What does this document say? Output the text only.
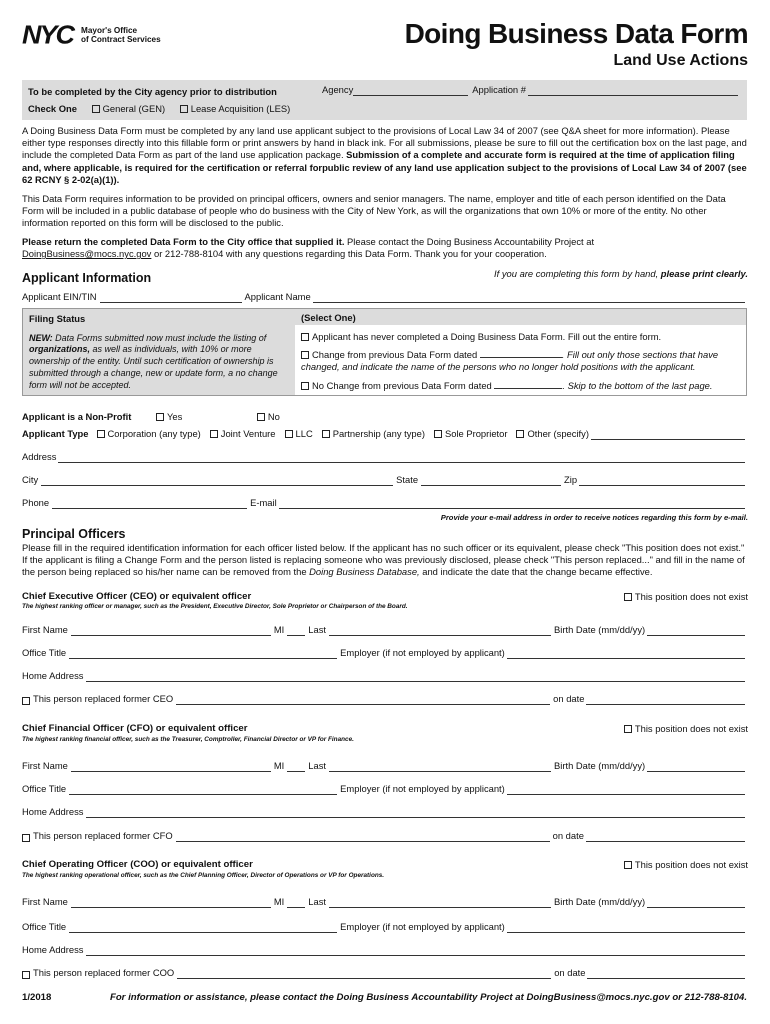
NYC Mayor's Office
of Contract Services	Doing Business Data Form
Land Use Actions
To be completed by the City agency prior to distribution	Agency	Application #
Check One	General (GEN)	Lease Acquisition (LES)
A Doing Business Data Form must be completed by any land use applicant subject to the provisions of Local Law 34 of 2007 (see Q&A sheet for more information). Please either type responses directly into this fillable form or print answers by hand in black ink. For all submissions, please be sure to fill out the certification box on the last page, and include the completed Data Form as part of the land use application package. Submission of a complete and accurate form is required at the time of application filing and, where applicable, is required for the certification or referral forpublic review of any land use application subject to the provisions of Local Law 34 of 2007 (see 62 RCNY § 2-02(a)(1)).
This Data Form requires information to be provided on principal officers, owners and senior managers. The name, employer and title of each person identified on the Data Form will be included in a public database of people who do business with the City of New York, as will the organizations that own 10% or more of the entity. No other information reported on this form will be disclosed to the public.
Please return the completed Data Form to the City office that supplied it. Please contact the Doing Business Accountability Project at
DoingBusiness@mocs.nyc.gov or 212-788-8104 with any questions regarding this Data Form. Thank you for your cooperation.
Applicant Information	If you are completing this form by hand, please print clearly.
Applicant EIN/TIN	Applicant Name
Filing Status
NEW: Data Forms submitted now must include the listing of organizations, as well as individuals, with 10% or more ownership of the entity. Until such certification of ownership is submitted through a change, new or update form, a no change form will not be accepted.
(Select One)
Applicant has never completed a Doing Business Data Form. Fill out the entire form.
Change from previous Data Form dated	. Fill out only those sections that have changed, and indicate the name of the persons who no longer hold positions with the applicant.
No Change from previous Data Form dated	. Skip to the bottom of the last page.
Applicant is a Non-Profit	Yes	No
Applicant Type	Corporation (any type)	Joint Venture	LLC	Partnership (any type)	Sole Proprietor	Other (specify)
Address
City	State	Zip
Phone	E-mail
Provide your e-mail address in order to receive notices regarding this form by e-mail.
Principal Officers
Please fill in the required identification information for each officer listed below. If the applicant has no such officer or its equivalent, please check "This position does not exist." If the applicant is filing a Change Form and the person listed is replacing someone who was previously disclosed, please check "This person replaced..." and fill in the name of the person being replaced so his/her name can be removed from the Doing Business Database, and indicate the date that the change became effective.
Chief Executive Officer (CEO) or equivalent officer
The highest ranking officer or manager, such as the President, Executive Director, Sole Proprietor or Chairperson of the Board.
This position does not exist
First Name	MI	Last	Birth Date (mm/dd/yy)
Office Title	Employer (if not employed by applicant)
Home Address
This person replaced former CEO	on date
Chief Financial Officer (CFO) or equivalent officer
The highest ranking financial officer, such as the Treasurer, Comptroller, Financial Director or VP for Finance.
This position does not exist
First Name	MI	Last	Birth Date (mm/dd/yy)
Office Title	Employer (if not employed by applicant)
Home Address
This person replaced former CFO	on date
Chief Operating Officer (COO) or equivalent officer
The highest ranking operational officer, such as the Chief Planning Officer, Director of Operations or VP for Operations.
This position does not exist
First Name	MI	Last	Birth Date (mm/dd/yy)
Office Title	Employer (if not employed by applicant)
Home Address
This person replaced former COO	on date
1/2018	For information or assistance, please contact the Doing Business Accountability Project at DoingBusiness@mocs.nyc.gov or 212-788-8104.
